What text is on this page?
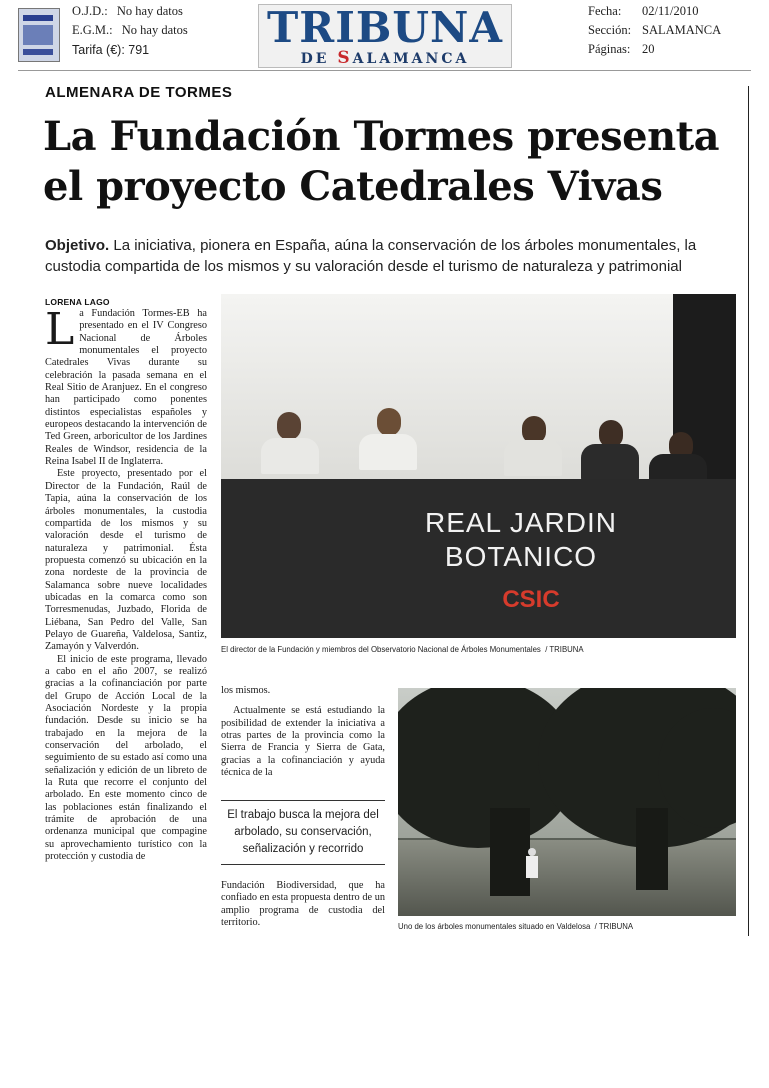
O.J.D.: No hay datos
E.G.M.: No hay datos
Tarifa (€): 791	TRIBUNA
DE SALAMANCA
Fecha: 02/11/2010
Sección: SALAMANCA
Páginas: 20
ALMENARA DE TORMES
La Fundación Tormes presenta
el proyecto Catedrales Vivas
Objetivo. La iniciativa, pionera en España, aúna la conservación de los árboles monumentales, la custodia compartida de los mismos y su valoración desde el turismo de naturaleza y patrimonial
LORENA LAGO

La Fundación Tormes-EB ha presentado en el IV Congreso Nacional de Árboles monumentales el proyecto Catedrales Vivas durante su celebración la pasada semana en el Real Sitio de Aranjuez. En el congreso han participado como ponentes distintos especialistas españoles y europeos destacando la intervención de Ted Green, arboricultor de los Jardines Reales de Windsor, residencia de la Reina Isabel II de Inglaterra.

Este proyecto, presentado por el Director de la Fundación, Raúl de Tapia, aúna la conservación de los árboles monumentales, la custodia compartida de los mismos y su valoración desde el turismo de naturaleza y patrimonial. Ésta propuesta comenzó su ubicación en la zona nordeste de la provincia de Salamanca sobre nueve localidades ubicadas en la comarca como son Torresmenudas, Juzbado, Florida de Liébana, San Pedro del Valle, San Pelayo de Guareña, Valdelosa, Santiz, Zamayón y Valverdón.

El inicio de este programa, llevado a cabo en el año 2007, se realizó gracias a la cofinanciación por parte del Grupo de Acción Local de la Asociación Nordeste y la propia fundación. Desde su inicio se ha trabajado en la mejora de la conservación del arbolado, el seguimiento de su estado así como una señalización y edición de un libreto de la Ruta que recorre el conjunto del arbolado. En este momento cinco de las poblaciones están finalizando el trámite de aprobación de una ordenanza municipal que compagine su aprovechamiento turístico con la protección y custodia de

REAL JARDIN
BOTANICO
CSIC
El director de la Fundación y miembros del Observatorio Nacional de Árboles Monumentales / TRIBUNA

los mismos.

Actualmente se está estudiando la posibilidad de extender la iniciativa a otras partes de la provincia como la Sierra de Francia y Sierra de Gata, gracias a la cofinanciación y ayuda técnica de la

El trabajo busca la mejora del arbolado, su conservación, señalización y recorrido

Fundación Biodiversidad, que ha confiado en esta propuesta dentro de un amplio programa de custodia del territorio.	Uno de los árboles monumentales situado en Valdelosa / TRIBUNA
